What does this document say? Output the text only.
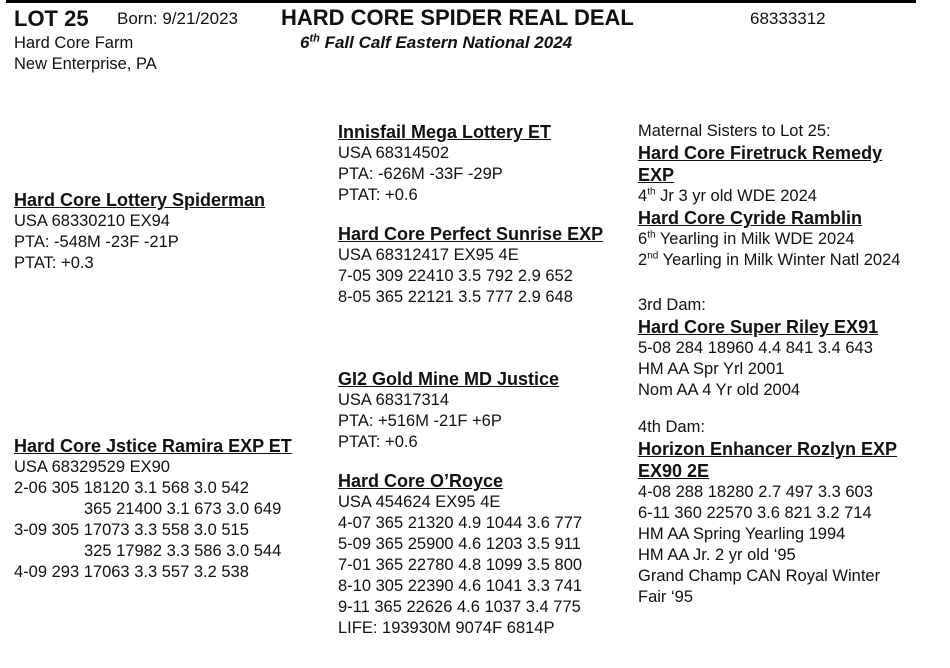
LOT 25 Born: 9/21/2023 HARD CORE SPIDER REAL DEAL	68333312
Hard Core Farm
New Enterprise, PA
6th Fall Calf Eastern National 2024
Hard Core Lottery Spiderman
USA 68330210 EX94
PTA: -548M -23F -21P
PTAT: +0.3
Hard Core Jstice Ramira EXP ET
USA 68329529 EX90
2-06 305 18120 3.1 568 3.0 542
365 21400 3.1 673 3.0 649
3-09 305 17073 3.3 558 3.0 515
325 17982 3.3 586 3.0 544
4-09 293 17063 3.3 557 3.2 538
Innisfail Mega Lottery ET
USA 68314502
PTA: -626M -33F -29P
PTAT: +0.6
Hard Core Perfect Sunrise EXP
USA 68312417 EX95 4E
7-05 309 22410 3.5 792 2.9 652
8-05 365 22121 3.5 777 2.9 648
GI2 Gold Mine MD Justice
USA 68317314
PTA: +516M -21F +6P
PTAT: +0.6
Hard Core O’Royce
USA 454624 EX95 4E
4-07 365 21320 4.9 1044 3.6 777
5-09 365 25900 4.6 1203 3.5 911
7-01 365 22780 4.8 1099 3.5 800
8-10 305 22390 4.6 1041 3.3 741
9-11 365 22626 4.6 1037 3.4 775
LIFE: 193930M 9074F 6814P
Maternal Sisters to Lot 25:
Hard Core Firetruck Remedy
EXP
4th Jr 3 yr old WDE 2024
Hard Core Cyride Ramblin
6th Yearling in Milk WDE 2024
2nd Yearling in Milk Winter Natl 2024
3rd Dam:
Hard Core Super Riley EX91
5-08 284 18960 4.4 841 3.4 643
HM AA Spr Yrl 2001
Nom AA 4 Yr old 2004
4th Dam:
Horizon Enhancer Rozlyn EXP
EX90 2E
4-08 288 18280 2.7 497 3.3 603
6-11 360 22570 3.6 821 3.2 714
HM AA Spring Yearling 1994
HM AA Jr. 2 yr old ‘95
Grand Champ CAN Royal Winter
Fair ‘95
